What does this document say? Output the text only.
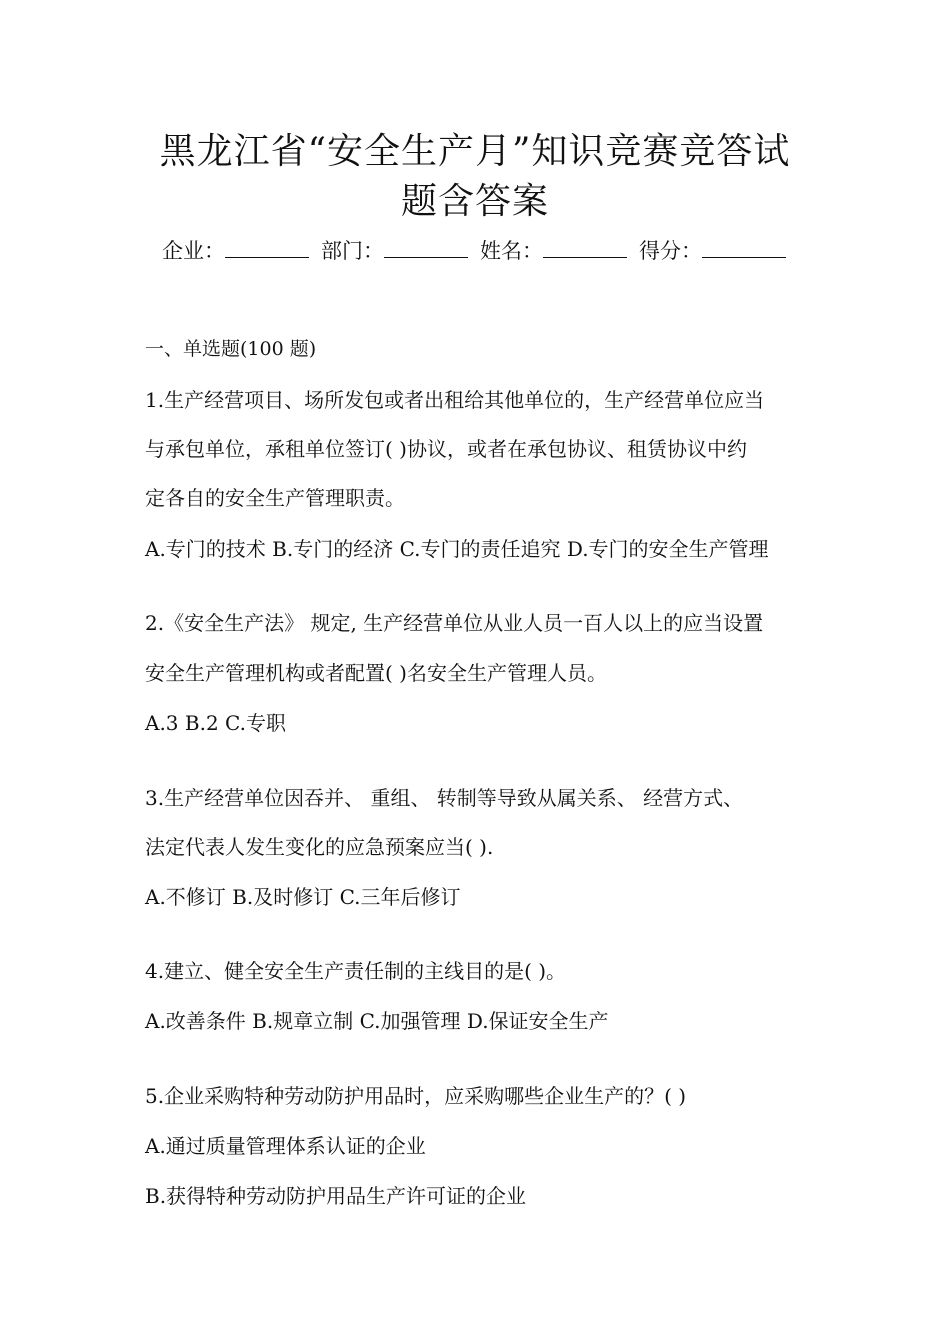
黑龙江省“安全生产月”知识竞赛竞答试
题含答案
企业：	部门：	姓名：	得分：
一、单选题(100 题)
1.生产经营项目、场所发包或者出租给其他单位的，生产经营单位应当
与承包单位，承租单位签订( )协议，或者在承包协议、租赁协议中约
定各自的安全生产管理职责。
A.专门的技术 B.专门的经济 C.专门的责任追究 D.专门的安全生产管理
2.《安全生产法》 规定, 生产经营单位从业人员一百人以上的应当设置
安全生产管理机构或者配置( )名安全生产管理人员。
A.3 B.2 C.专职
3.生产经营单位因吞并、 重组、 转制等导致从属关系、 经营方式、
法定代表人发生变化的应急预案应当( ).
A.不修订 B.及时修订 C.三年后修订
4.建立、健全安全生产责任制的主线目的是( )。
A.改善条件 B.规章立制 C.加强管理 D.保证安全生产
5.企业采购特种劳动防护用品时，应采购哪些企业生产的？( )
A.通过质量管理体系认证的企业
B.获得特种劳动防护用品生产许可证的企业
